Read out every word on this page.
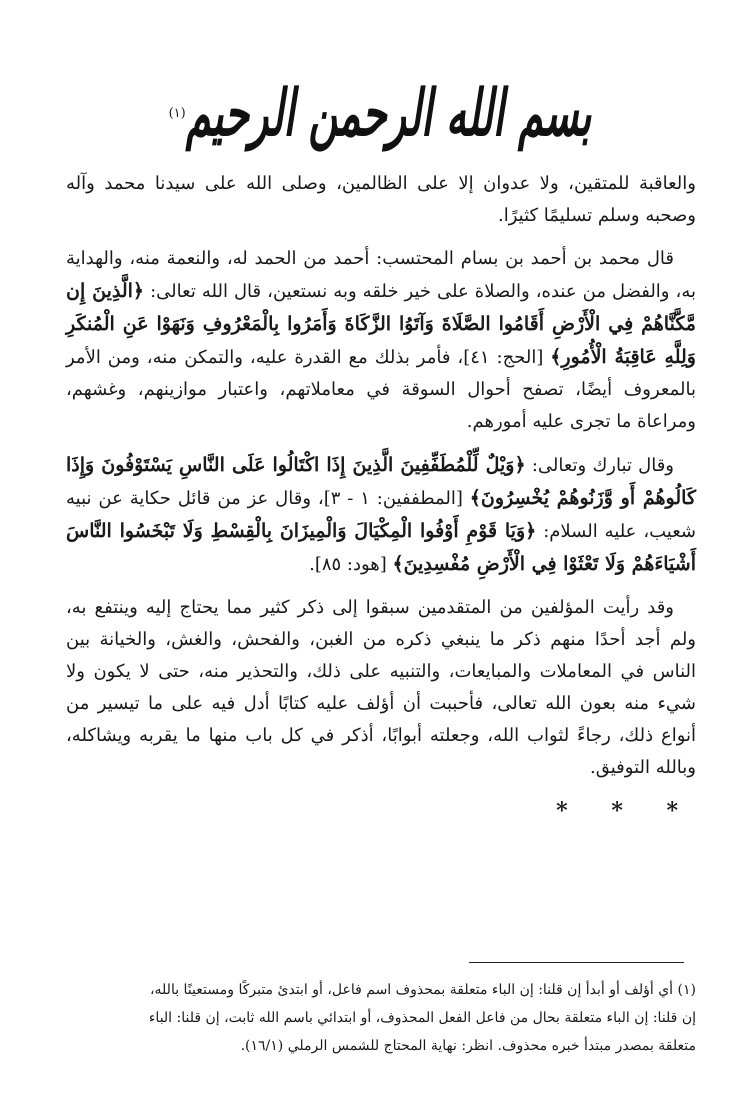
بسم الله الرحمن الرحيم
(١)

والعاقبة للمتقين، ولا عدوان إلا على الظالمين، وصلى الله على سيدنا محمد وآله وصحبه وسلم تسليمًا كثيرًا.

قال محمد بن أحمد بن بسام المحتسب: أحمد من الحمد له، والنعمة منه، والهداية به، والفضل من عنده، والصلاة على خير خلقه وبه نستعين، قال الله تعالى: ﴿الَّذِينَ إِن مَّكَّنَّاهُمْ فِي الْأَرْضِ أَقَامُوا الصَّلَاةَ وَآتَوُا الزَّكَاةَ وَأَمَرُوا بِالْمَعْرُوفِ وَنَهَوْا عَنِ الْمُنكَرِ وَلِلَّهِ عَاقِبَةُ الْأُمُورِ﴾ [الحج: ٤١]، فأمر بذلك مع القدرة عليه، والتمكن منه، ومن الأمر بالمعروف أيضًا، تصفح أحوال السوقة في معاملاتهم، واعتبار موازينهم، وغشهم، ومراعاة ما تجرى عليه أمورهم.

وقال تبارك وتعالى: ﴿وَيْلٌ لِّلْمُطَفِّفِينَ الَّذِينَ إِذَا اكْتَالُوا عَلَى النَّاسِ يَسْتَوْفُونَ وَإِذَا كَالُوهُمْ أَو وَّزَنُوهُمْ يُخْسِرُونَ﴾ [المطففين: ١ - ٣]، وقال عز من قائل حكاية عن نبيه شعيب، عليه السلام: ﴿وَيَا قَوْمِ أَوْفُوا الْمِكْيَالَ وَالْمِيزَانَ بِالْقِسْطِ وَلَا تَبْخَسُوا النَّاسَ أَشْيَاءَهُمْ وَلَا تَعْثَوْا فِي الْأَرْضِ مُفْسِدِينَ﴾ [هود: ٨٥].

وقد رأيت المؤلفين من المتقدمين سبقوا إلى ذكر كثير مما يحتاج إليه وينتفع به، ولم أجد أحدًا منهم ذكر ما ينبغي ذكره من الغبن، والفحش، والغش، والخيانة بين الناس في المعاملات والمبايعات، والتنبيه على ذلك، والتحذير منه، حتى لا يكون ولا شيء منه بعون الله تعالى، فأحببت أن أؤلف عليه كتابًا أدل فيه على ما تيسير من أنواع ذلك، رجاءً لثواب الله، وجعلته أبوابًا، أذكر في كل باب منها ما يقربه ويشاكله، وبالله التوفيق.

* * *

(١) أي أؤلف أو أبدأ إن قلنا: إن الباء متعلقة بمحذوف اسم فاعل، أو ابتدئ متبركًا ومستعينًا بالله،

إن قلنا: إن الباء متعلقة بحال من فاعل الفعل المحذوف، أو ابتدائي باسم الله ثابت، إن قلنا: الباء

متعلقة بمصدر مبتدأ خبره محذوف. انظر: نهاية المحتاج للشمس الرملي (١٦/١).
